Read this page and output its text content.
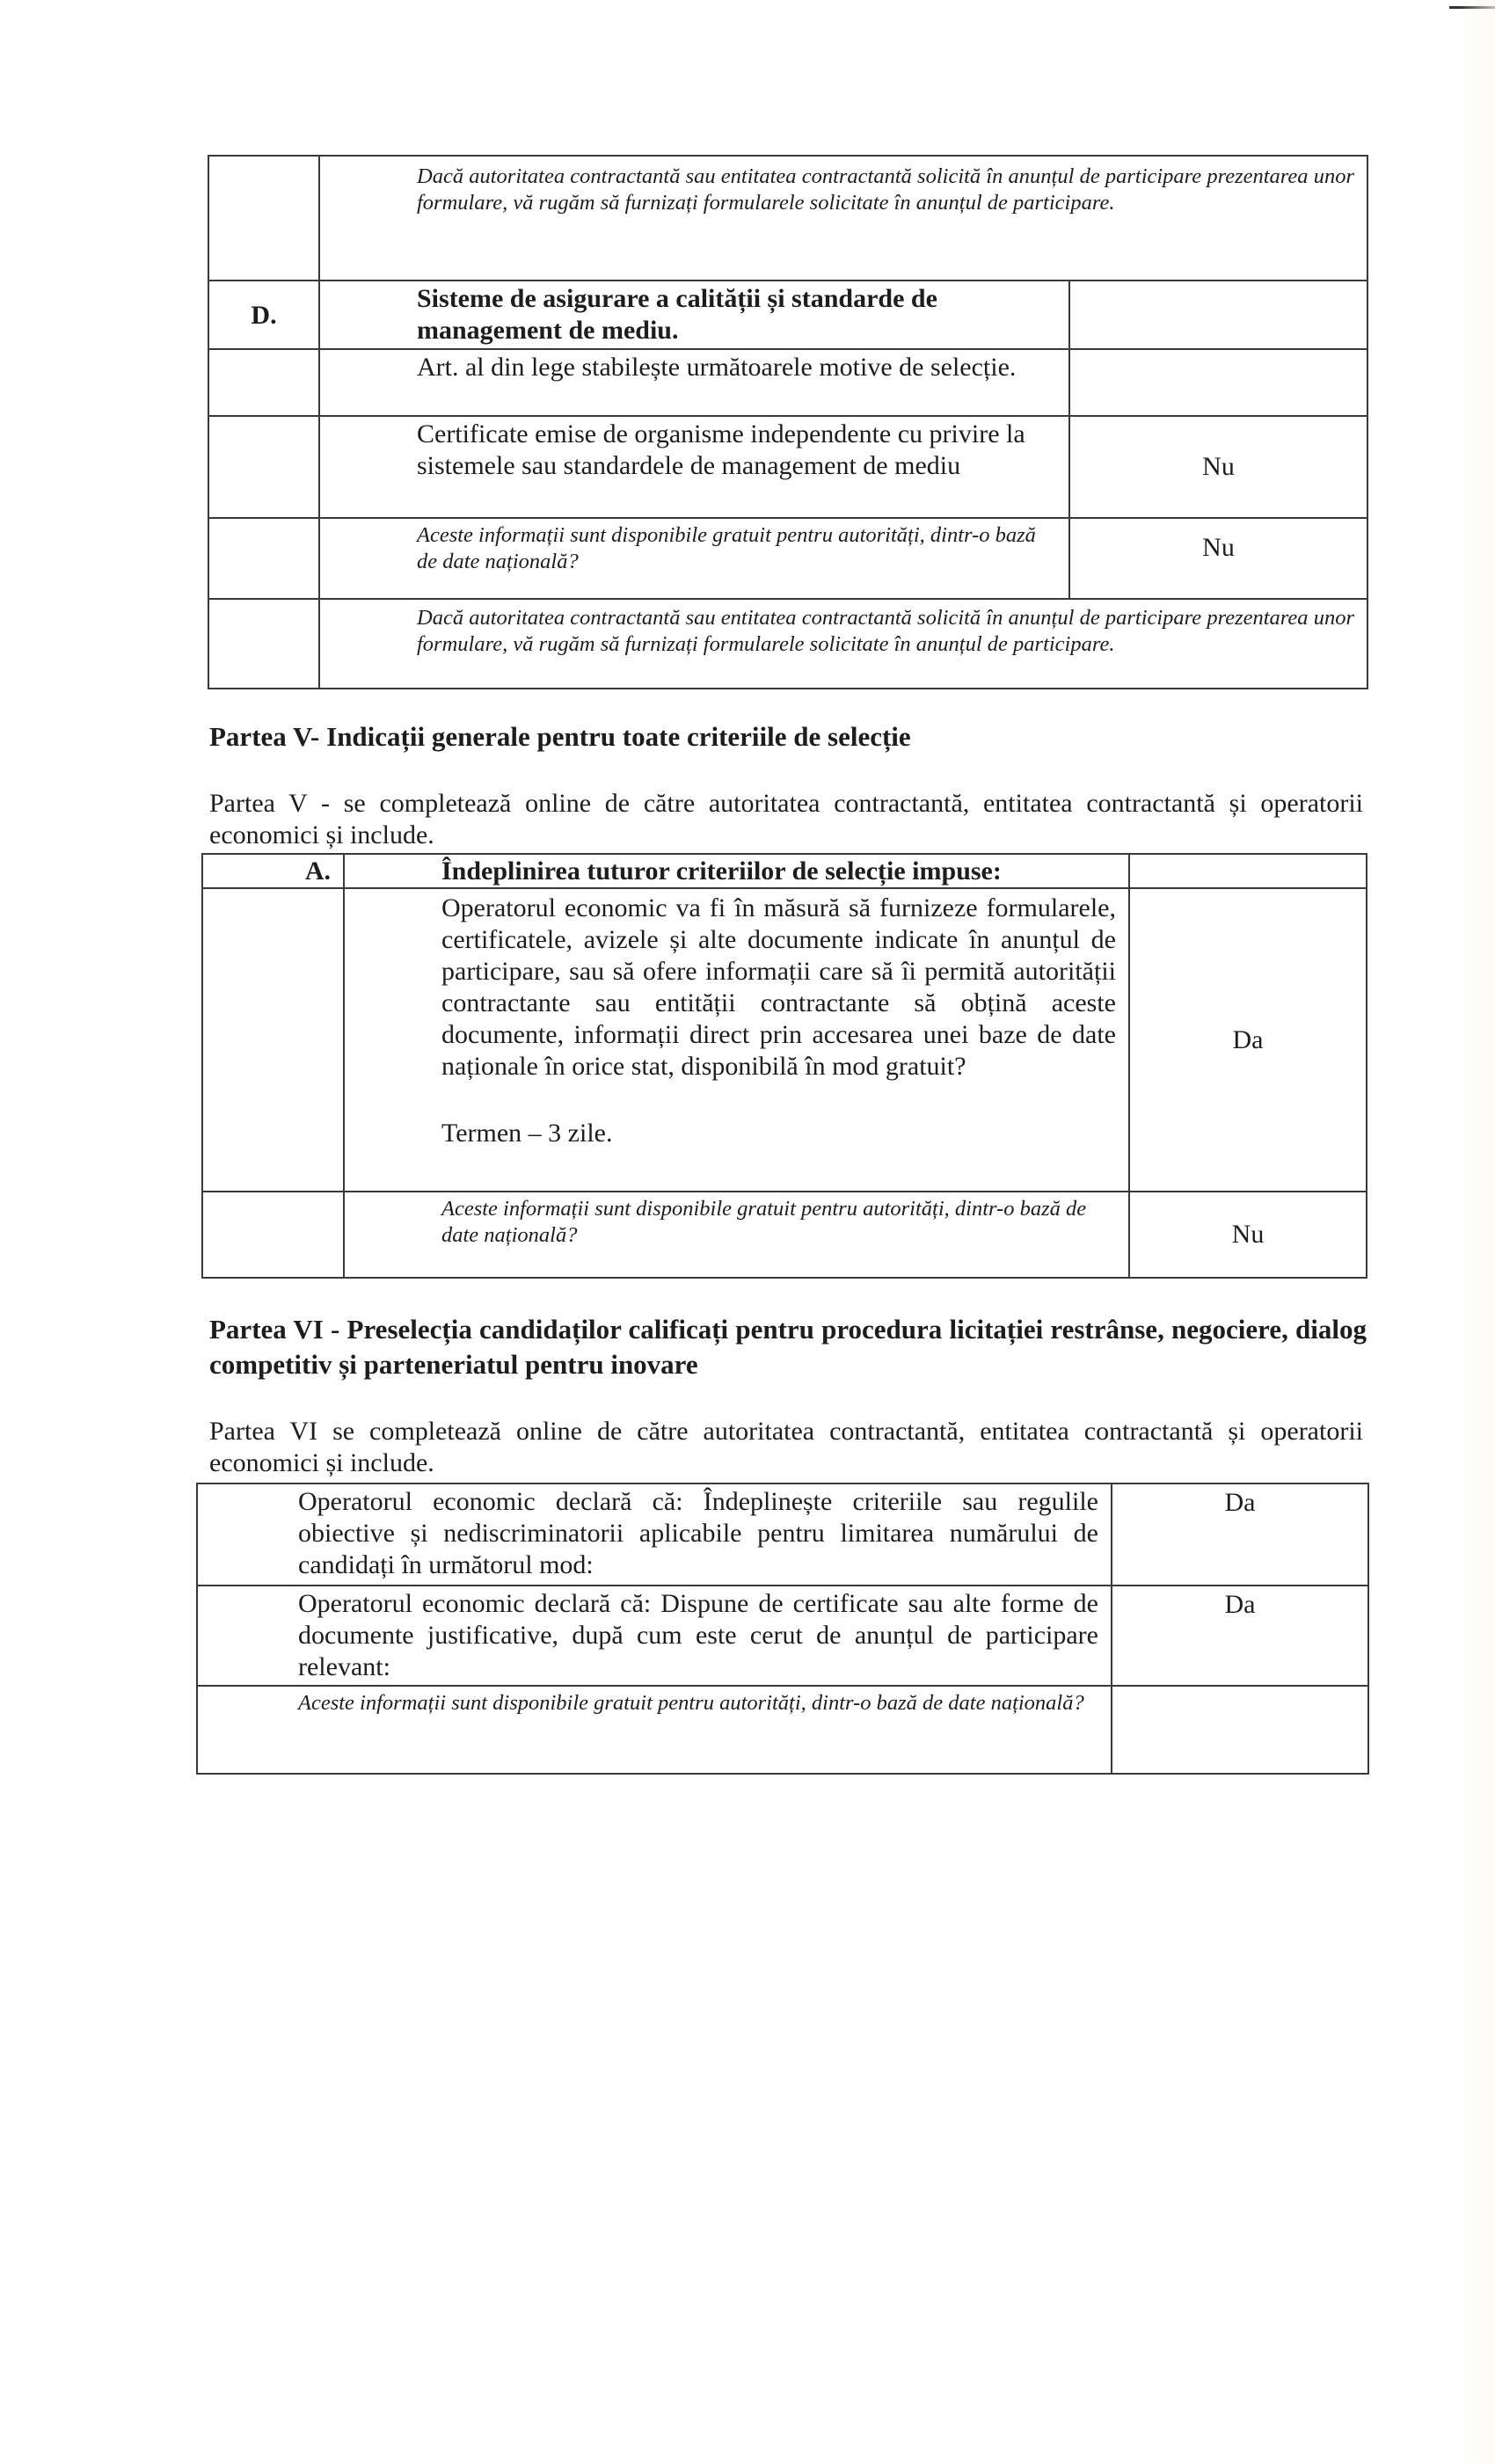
	Dacă autoritatea contractantă sau entitatea contractantă solicită în anunțul de participare prezentarea unor formulare, vă rugăm să furnizați formularele solicitate în anunțul de participare.	

D.	Sisteme de asigurare a calității și standarde de management de mediu.	

	Art. al din lege stabilește următoarele motive de selecție.	

	Certificate emise de organisme independente cu privire la sistemele sau standardele de management de mediu	Nu

	Aceste informații sunt disponibile gratuit pentru autorități, dintr-o bază de date națională?	Nu

	Dacă autoritatea contractantă sau entitatea contractantă solicită în anunțul de participare prezentarea unor formulare, vă rugăm să furnizați formularele solicitate în anunțul de participare.	
Partea V- Indicații generale pentru toate criteriile de selecție
Partea V - se completează online de către autoritatea contractantă, entitatea contractantă și operatorii economici și include.
A.	Îndeplinirea tuturor criteriilor de selecție impuse:	

	Operatorul economic va fi în măsură să furnizeze formularele, certificatele, avizele și alte documente indicate în anunțul de participare, sau să ofere informații care să îi permită autorității contractante sau entității contractante să obțină aceste documente, informații direct prin accesarea unei baze de date naționale în orice stat, disponibilă în mod gratuit?
Termen – 3 zile.	Da

	Aceste informații sunt disponibile gratuit pentru autorități, dintr-o bază de date națională?	Nu
Partea VI - Preselecția candidaților calificați pentru procedura licitației restrânse, negociere, dialog competitiv și parteneriatul pentru inovare
Partea VI se completează online de către autoritatea contractantă, entitatea contractantă și operatorii economici și include.
Operatorul economic declară că: Îndeplinește criteriile sau regulile obiective și nediscriminatorii aplicabile pentru limitarea numărului de candidați în următorul mod:	Da

Operatorul economic declară că: Dispune de certificate sau alte forme de documente justificative, după cum este cerut de anunțul de participare relevant:	Da

Aceste informații sunt disponibile gratuit pentru autorități, dintr-o bază de date națională?	
